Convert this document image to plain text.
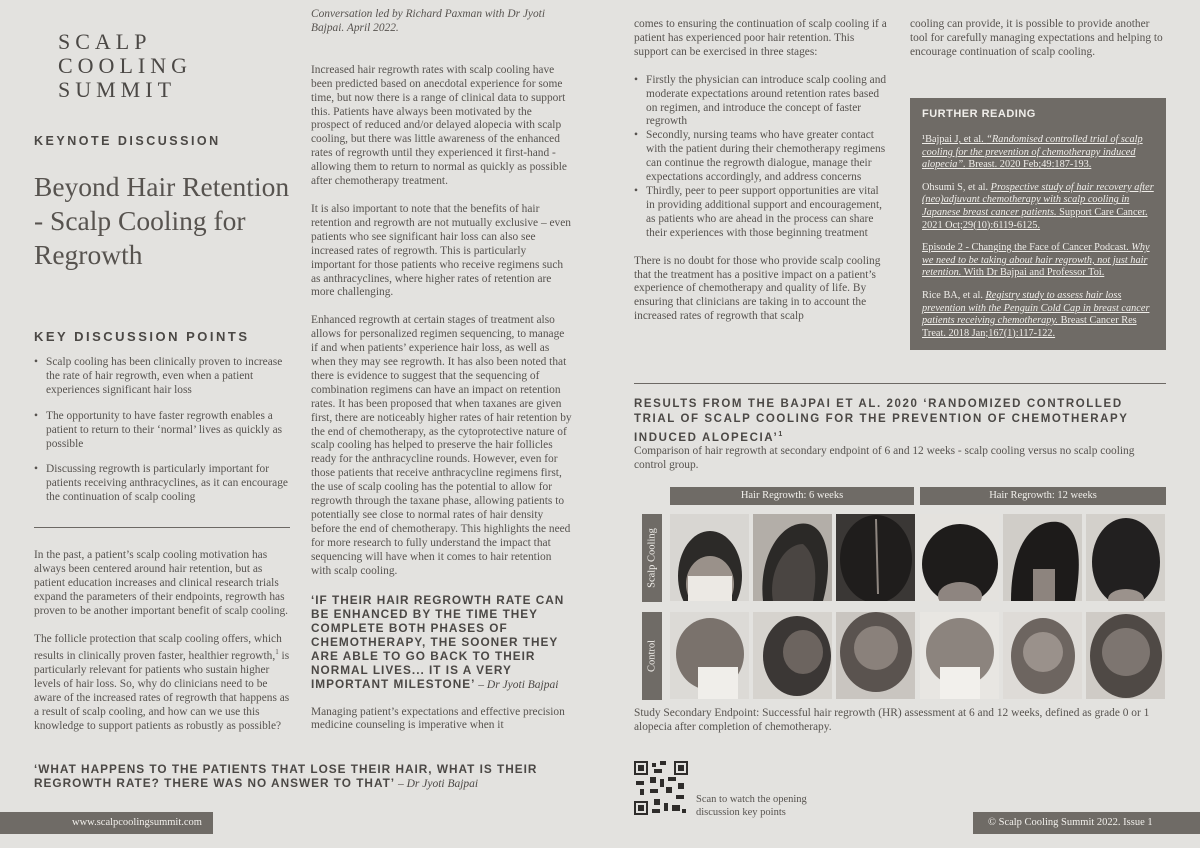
SCALP
COOLING
SUMMIT
KEYNOTE DISCUSSION
Beyond Hair Retention - Scalp Cooling for Regrowth
KEY DISCUSSION POINTS
• Scalp cooling has been clinically proven to increase the rate of hair regrowth, even when a patient experiences significant hair loss
• The opportunity to have faster regrowth enables a patient to return to their ‘normal’ lives as quickly as possible
• Discussing regrowth is particularly important for patients receiving anthracyclines, as it can encourage the continuation of scalp cooling

In the past, a patient’s scalp cooling motivation has always been centered around hair retention, but as patient education increases and clinical research trials expand the parameters of their endpoints, regrowth has proven to be another important benefit of scalp cooling.

The follicle protection that scalp cooling offers, which results in clinically proven faster, healthier regrowth,$^1$ is particularly relevant for patients who sustain higher levels of hair loss. So, why do clinicians need to be aware of the increased rates of regrowth that happens as a result of scalp cooling, and how can we use this knowledge to support patients as robustly as possible?

Conversation led by Richard Paxman with Dr Jyoti Bajpai. April 2022.

Increased hair regrowth rates with scalp cooling have been predicted based on anecdotal experience for some time, but now there is a range of clinical data to support this. Patients have always been motivated by the prospect of reduced and/or delayed alopecia with scalp cooling, but there was little awareness of the enhanced rates of regrowth until they experienced it first-hand - allowing them to return to normal as quickly as possible after chemotherapy treatment.

It is also important to note that the benefits of hair retention and regrowth are not mutually exclusive – even patients who see significant hair loss can also see increased rates of regrowth. This is particularly important for those patients who receive regimens such as anthracyclines, where higher rates of retention are more challenging.

Enhanced regrowth at certain stages of treatment also allows for personalized regimen sequencing, to manage if and when patients’ experience hair loss, as well as when they may see regrowth. It has also been noted that there is evidence to suggest that the sequencing of combination regimens can have an impact on retention rates. It has been proposed that when taxanes are given first, there are noticeably higher rates of hair retention by the end of chemotherapy, as the cytoprotective nature of scalp cooling has helped to preserve the hair follicles ready for the anthracycline rounds. However, even for those patients that receive anthracycline regimens first, the use of scalp cooling has the potential to allow for regrowth through the taxane phase, allowing patients to potentially see close to normal rates of hair density before the end of chemotherapy. This highlights the need for more research to fully understand the impact that sequencing will have when it comes to hair retention with scalp cooling.

‘IF THEIR HAIR REGROWTH RATE CAN BE ENHANCED BY THE TIME THEY COMPLETE BOTH PHASES OF CHEMOTHERAPY, THE SOONER THEY ARE ABLE TO GO BACK TO THEIR NORMAL LIVES... IT IS A VERY IMPORTANT MILESTONE’ – Dr Jyoti Bajpai

Managing patient’s expectations and effective precision medicine counseling is imperative when it

‘WHAT HAPPENS TO THE PATIENTS THAT LOSE THEIR HAIR, WHAT IS THEIR REGROWTH RATE? THERE WAS NO ANSWER TO THAT’ – Dr Jyoti Bajpai
www.scalpcoolingsummit.com

comes to ensuring the continuation of scalp cooling if a patient has experienced poor hair retention. This support can be exercised in three stages:

• Firstly the physician can introduce scalp cooling and moderate expectations around retention rates based on regimen, and introduce the concept of faster regrowth
• Secondly, nursing teams who have greater contact with the patient during their chemotherapy regimens can continue the regrowth dialogue, manage their expectations accordingly, and address concerns
• Thirdly, peer to peer support opportunities are vital in providing additional support and encouragement, as patients who are ahead in the process can share their experiences with those beginning treatment

There is no doubt for those who provide scalp cooling that the treatment has a positive impact on a patient’s experience of chemotherapy and quality of life. By ensuring that clinicians are taking in to account the increased rates of regrowth that scalp

cooling can provide, it is possible to provide another tool for carefully managing expectations and helping to encourage continuation of scalp cooling.

FURTHER READING

¹Bajpai J, et al. “Randomised controlled trial of scalp cooling for the prevention of chemotherapy induced alopecia”. Breast. 2020 Feb;49:187-193.

Ohsumi S, et al. Prospective study of hair recovery after (neo)adjuvant chemotherapy with scalp cooling in Japanese breast cancer patients. Support Care Cancer. 2021 Oct;29(10):6119-6125.

Episode 2 - Changing the Face of Cancer Podcast. Why we need to be taking about hair regrowth, not just hair retention. With Dr Bajpai and Professor Toi.

Rice BA, et al. Registry study to assess hair loss prevention with the Penguin Cold Cap in breast cancer patients receiving chemotherapy. Breast Cancer Res Treat. 2018 Jan;167(1):117-122.

RESULTS FROM THE BAJPAI ET AL. 2020 ‘RANDOMIZED CONTROLLED TRIAL OF SCALP COOLING FOR THE PREVENTION OF CHEMOTHERAPY INDUCED ALOPECIA’$^1$
Comparison of hair regrowth at secondary endpoint of 6 and 12 weeks - scalp cooling versus no scalp cooling control group.
Hair Regrowth: 6 weeks	Hair Regrowth: 12 weeks
Scalp Cooling
Control
Study Secondary Endpoint: Successful hair regrowth (HR) assessment at 6 and 12 weeks, defined as grade 0 or 1 alopecia after completion of chemotherapy.
Scan to watch the opening
discussion key points
© Scalp Cooling Summit 2022. Issue 1
